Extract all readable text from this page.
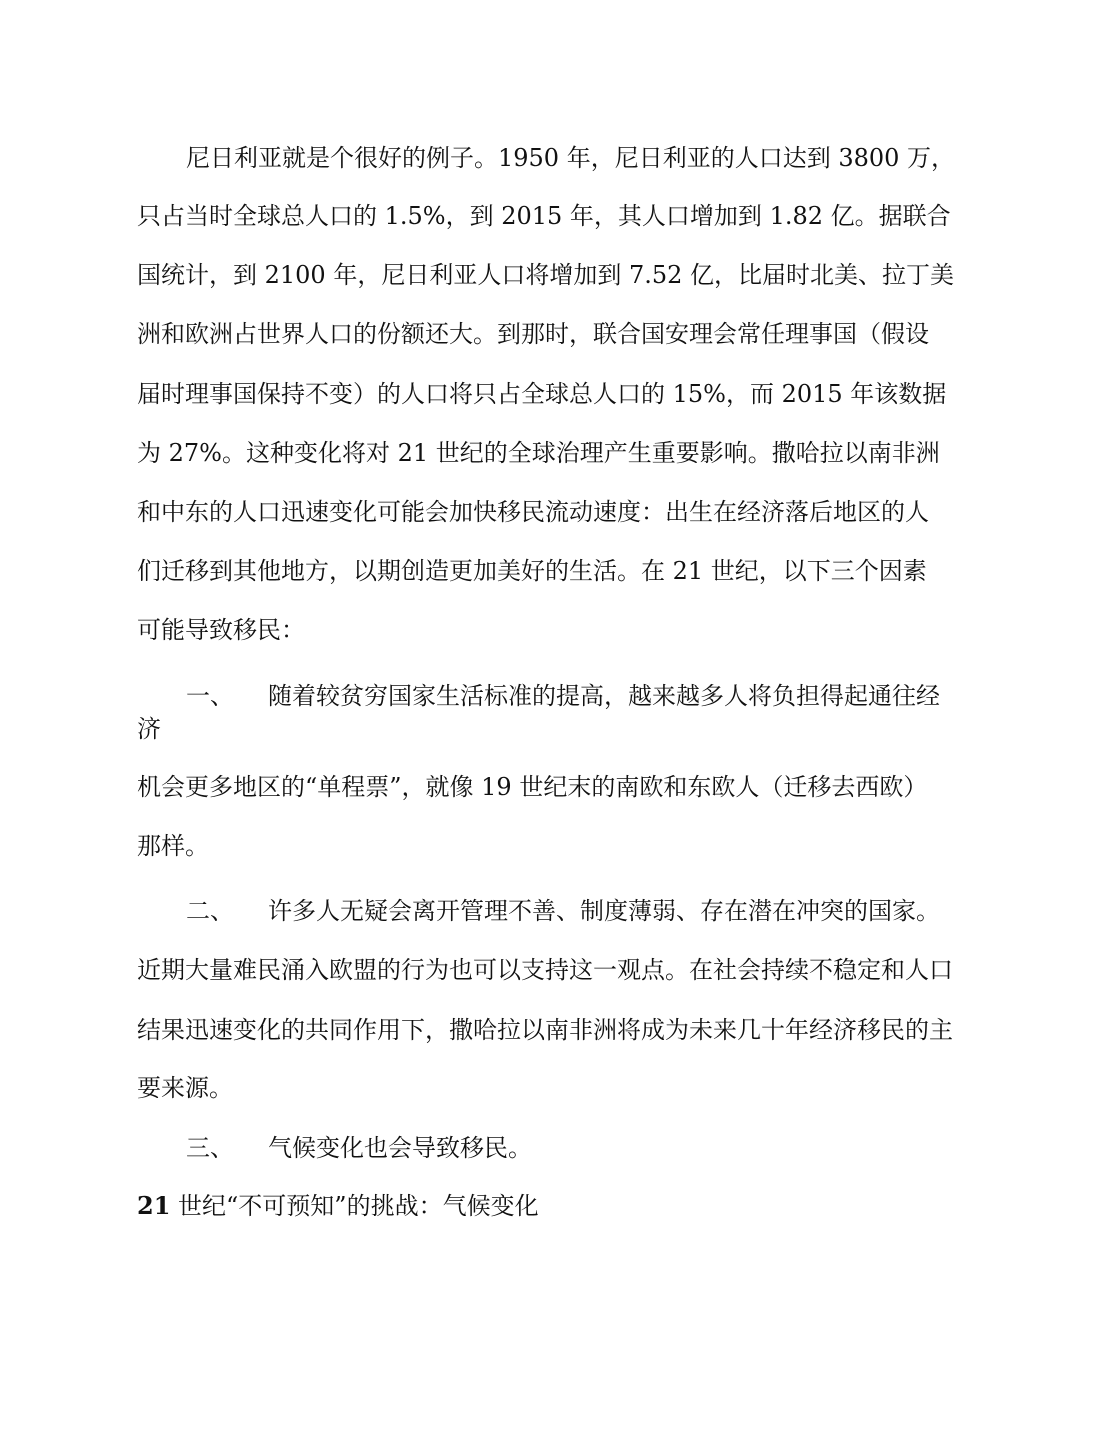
尼日利亚就是个很好的例子。1950 年，尼日利亚的人口达到 3800 万，
只占当时全球总人口的 1.5%，到 2015 年，其人口增加到 1.82 亿。据联合
国统计，到 2100 年，尼日利亚人口将增加到 7.52 亿，比届时北美、拉丁美
洲和欧洲占世界人口的份额还大。到那时，联合国安理会常任理事国（假设
届时理事国保持不变）的人口将只占全球总人口的 15%，而 2015 年该数据
为 27%。这种变化将对 21 世纪的全球治理产生重要影响。撒哈拉以南非洲
和中东的人口迅速变化可能会加快移民流动速度：出生在经济落后地区的人
们迁移到其他地方，以期创造更加美好的生活。在 21 世纪，以下三个因素
可能导致移民：
一、 随着较贫穷国家生活标准的提高，越来越多人将负担得起通往经
济
机会更多地区的“单程票”，就像 19 世纪末的南欧和东欧人（迁移去西欧）
那样。
二、 许多人无疑会离开管理不善、制度薄弱、存在潜在冲突的国家。
近期大量难民涌入欧盟的行为也可以支持这一观点。在社会持续不稳定和人口
结果迅速变化的共同作用下，撒哈拉以南非洲将成为未来几十年经济移民的主
要来源。
三、 气候变化也会导致移民。
21 世纪“不可预知”的挑战：气候变化
